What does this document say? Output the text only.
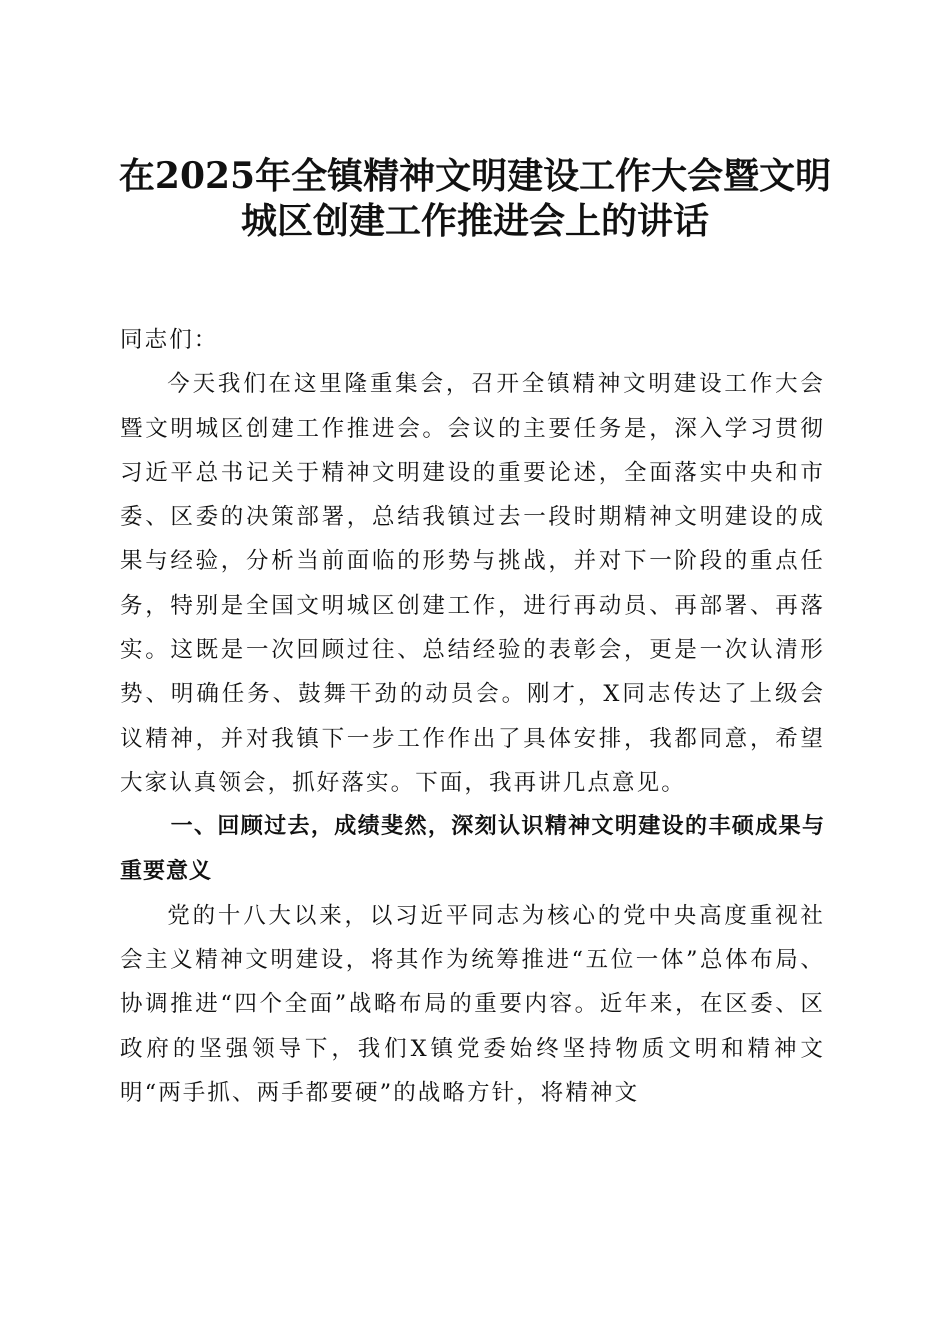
在2025年全镇精神文明建设工作大会暨文明
城区创建工作推进会上的讲话

同志们：

今天我们在这里隆重集会，召开全镇精神文明建设工作大会暨文明城区创建工作推进会。会议的主要任务是，深入学习贯彻习近平总书记关于精神文明建设的重要论述，全面落实中央和市委、区委的决策部署，总结我镇过去一段时期精神文明建设的成果与经验，分析当前面临的形势与挑战，并对下一阶段的重点任务，特别是全国文明城区创建工作，进行再动员、再部署、再落实。这既是一次回顾过往、总结经验的表彰会，更是一次认清形势、明确任务、鼓舞干劲的动员会。刚才，X同志传达了上级会议精神，并对我镇下一步工作作出了具体安排，我都同意，希望大家认真领会，抓好落实。下面，我再讲几点意见。

一、回顾过去，成绩斐然，深刻认识精神文明建设的丰硕成果与重要意义

党的十八大以来，以习近平同志为核心的党中央高度重视社会主义精神文明建设，将其作为统筹推进“五位一体”总体布局、协调推进“四个全面”战略布局的重要内容。近年来，在区委、区政府的坚强领导下，我们X镇党委始终坚持物质文明和精神文明“两手抓、两手都要硬”的战略方针，将精神文
